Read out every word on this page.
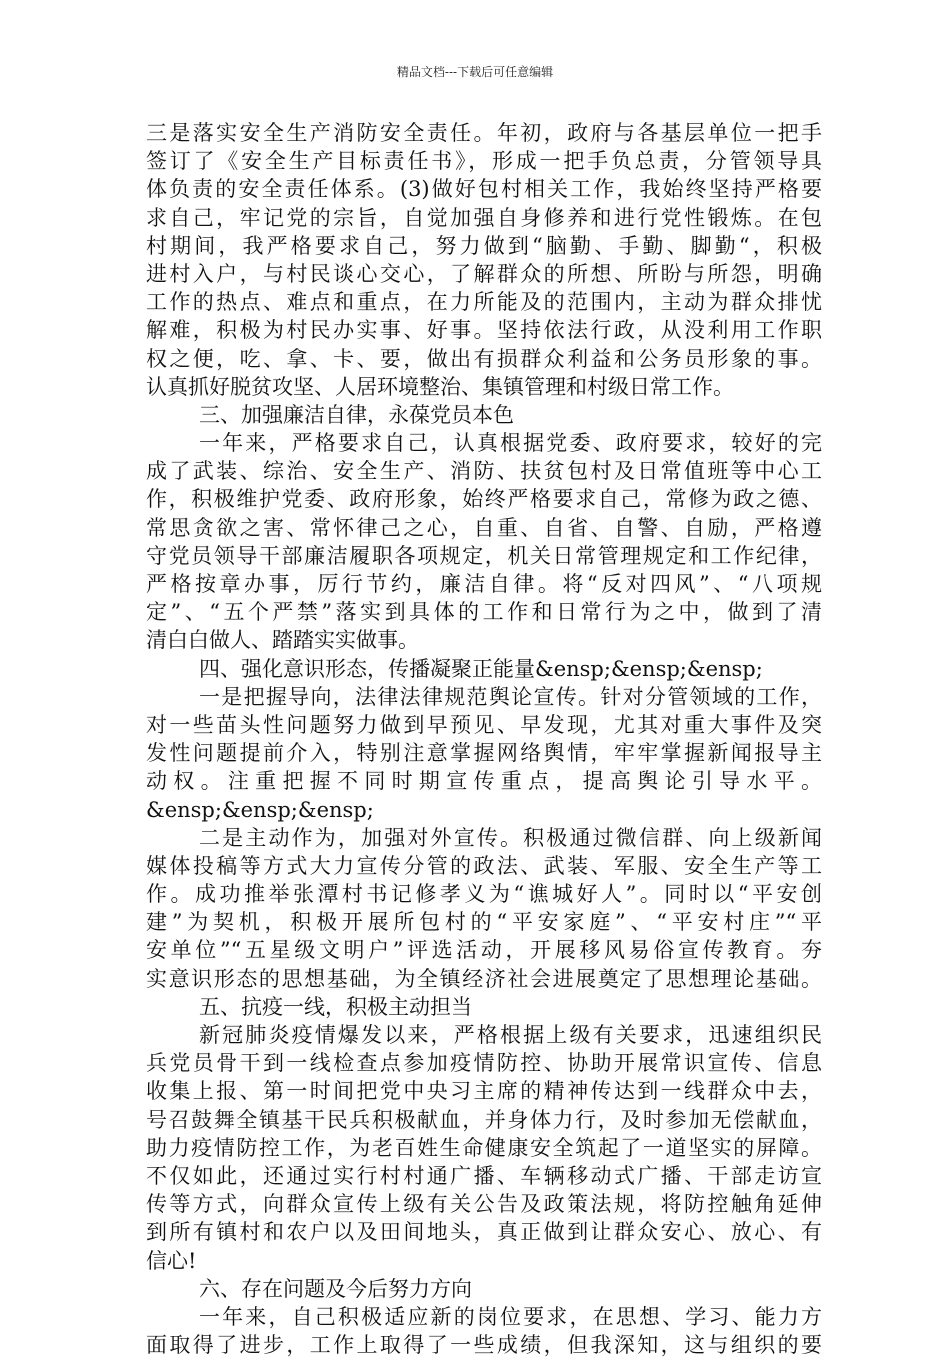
精品文档---下载后可任意编辑
三是落实安全生产消防安全责任。年初，政府与各基层单位一把手
签订了《安全生产目标责任书》，形成一把手负总责，分管领导具
体负责的安全责任体系。(3)做好包村相关工作，我始终坚持严格要
求自己，牢记党的宗旨，自觉加强自身修养和进行党性锻炼。在包
村期间，我严格要求自己，努力做到“脑勤、手勤、脚勤“，积极
进村入户，与村民谈心交心，了解群众的所想、所盼与所怨，明确
工作的热点、难点和重点，在力所能及的范围内，主动为群众排忧
解难，积极为村民办实事、好事。坚持依法行政，从没利用工作职
权之便，吃、拿、卡、要，做出有损群众利益和公务员形象的事。
认真抓好脱贫攻坚、人居环境整治、集镇管理和村级日常工作。
三、加强廉洁自律，永葆党员本色
一年来，严格要求自己，认真根据党委、政府要求，较好的完
成了武装、综治、安全生产、消防、扶贫包村及日常值班等中心工
作，积极维护党委、政府形象，始终严格要求自己，常修为政之德、
常思贪欲之害、常怀律己之心，自重、自省、自警、自励，严格遵
守党员领导干部廉洁履职各项规定，机关日常管理规定和工作纪律，
严格按章办事，厉行节约，廉洁自律。将“反对四风”、“八项规
定”、“五个严禁”落实到具体的工作和日常行为之中，做到了清
清白白做人、踏踏实实做事。
四、强化意识形态，传播凝聚正能量&ensp;&ensp;&ensp;
一是把握导向，法律法律规范舆论宣传。针对分管领域的工作，
对一些苗头性问题努力做到早预见、早发现，尤其对重大事件及突
发性问题提前介入，特别注意掌握网络舆情，牢牢掌握新闻报导主
动权。注重把握不同时期宣传重点，提高舆论引导水平。
&ensp;&ensp;&ensp;
二是主动作为，加强对外宣传。积极通过微信群、向上级新闻
媒体投稿等方式大力宣传分管的政法、武装、军服、安全生产等工
作。成功推举张潭村书记修孝义为“谯城好人”。同时以“平安创
建”为契机，积极开展所包村的“平安家庭”、“平安村庄”“平
安单位”“五星级文明户”评选活动，开展移风易俗宣传教育。夯
实意识形态的思想基础，为全镇经济社会进展奠定了思想理论基础。
五、抗疫一线，积极主动担当
新冠肺炎疫情爆发以来，严格根据上级有关要求，迅速组织民
兵党员骨干到一线检查点参加疫情防控、协助开展常识宣传、信息
收集上报、第一时间把党中央习主席的精神传达到一线群众中去，
号召鼓舞全镇基干民兵积极献血，并身体力行，及时参加无偿献血，
助力疫情防控工作，为老百姓生命健康安全筑起了一道坚实的屏障。
不仅如此，还通过实行村村通广播、车辆移动式广播、干部走访宣
传等方式，向群众宣传上级有关公告及政策法规，将防控触角延伸
到所有镇村和农户以及田间地头，真正做到让群众安心、放心、有
信心!
六、存在问题及今后努力方向
一年来，自己积极适应新的岗位要求，在思想、学习、能力方
面取得了进步，工作上取得了一些成绩，但我深知，这与组织的要
